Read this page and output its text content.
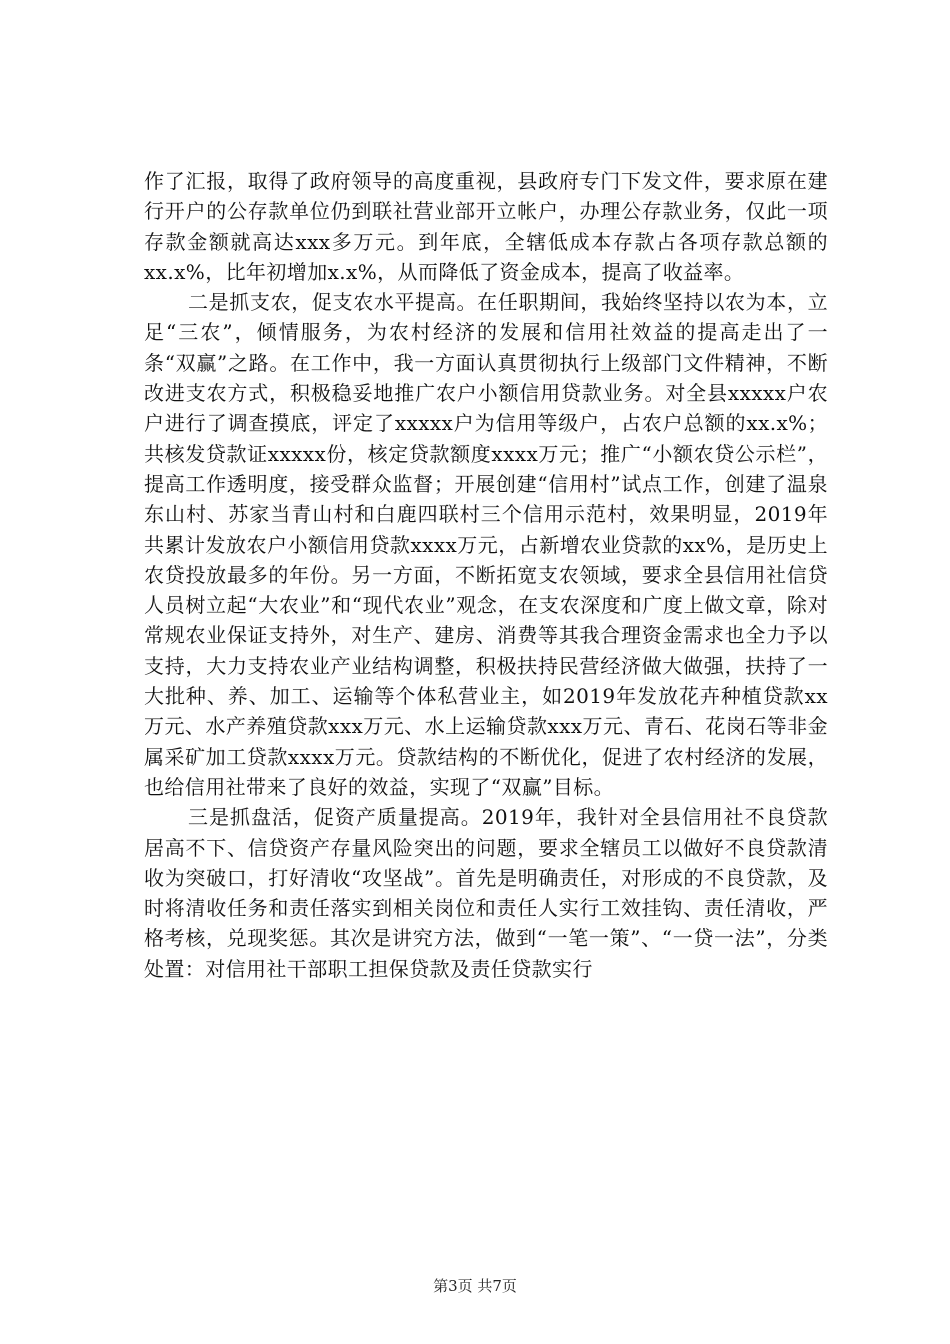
作了汇报，取得了政府领导的高度重视，县政府专门下发文件，要求原在建行开户的公存款单位仍到联社营业部开立帐户，办理公存款业务，仅此一项存款金额就高达xxx多万元。到年底，全辖低成本存款占各项存款总额的xx.x%，比年初增加x.x%，从而降低了资金成本，提高了收益率。

二是抓支农，促支农水平提高。在任职期间，我始终坚持以农为本，立足“三农”，倾情服务，为农村经济的发展和信用社效益的提高走出了一条“双赢”之路。在工作中，我一方面认真贯彻执行上级部门文件精神，不断改进支农方式，积极稳妥地推广农户小额信用贷款业务。对全县xxxxx户农户进行了调查摸底，评定了xxxxx户为信用等级户，占农户总额的xx.x%；共核发贷款证xxxxx份，核定贷款额度xxxx万元；推广“小额农贷公示栏”，提高工作透明度，接受群众监督；开展创建“信用村”试点工作，创建了温泉东山村、苏家当青山村和白鹿四联村三个信用示范村，效果明显，2019年共累计发放农户小额信用贷款xxxx万元，占新增农业贷款的xx%，是历史上农贷投放最多的年份。另一方面，不断拓宽支农领域，要求全县信用社信贷人员树立起“大农业”和“现代农业”观念，在支农深度和广度上做文章，除对常规农业保证支持外，对生产、建房、消费等其我合理资金需求也全力予以支持，大力支持农业产业结构调整，积极扶持民营经济做大做强，扶持了一大批种、养、加工、运输等个体私营业主，如2019年发放花卉种植贷款xx万元、水产养殖贷款xxx万元、水上运输贷款xxx万元、青石、花岗石等非金属采矿加工贷款xxxx万元。贷款结构的不断优化，促进了农村经济的发展，也给信用社带来了良好的效益，实现了“双赢”目标。

三是抓盘活，促资产质量提高。2019年，我针对全县信用社不良贷款居高不下、信贷资产存量风险突出的问题，要求全辖员工以做好不良贷款清收为突破口，打好清收“攻坚战”。首先是明确责任，对形成的不良贷款，及时将清收任务和责任落实到相关岗位和责任人实行工效挂钩、责任清收，严格考核，兑现奖惩。其次是讲究方法，做到“一笔一策”、“一贷一法”，分类处置：对信用社干部职工担保贷款及责任贷款实行

第3页 共7页
